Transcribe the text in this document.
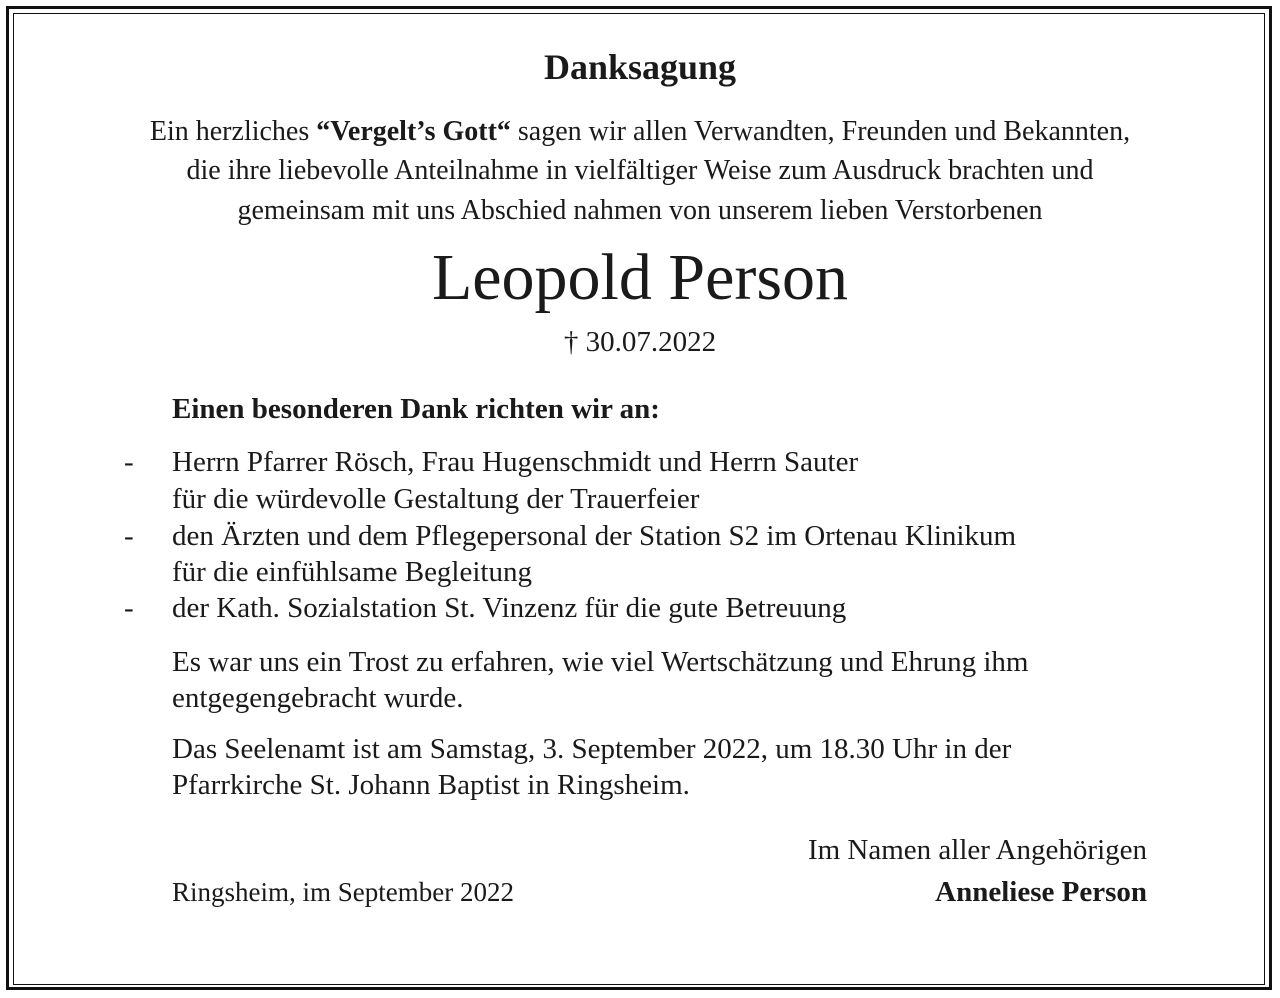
Danksagung
Ein herzliches “Vergelt’s Gott“ sagen wir allen Verwandten, Freunden und Bekannten,
die ihre liebevolle Anteilnahme in vielfältiger Weise zum Ausdruck brachten und
gemeinsam mit uns Abschied nahmen von unserem lieben Verstorbenen
Leopold Person
† 30.07.2022
Einen besonderen Dank richten wir an:
- Herrn Pfarrer Rösch, Frau Hugenschmidt und Herrn Sauter
für die würdevolle Gestaltung der Trauerfeier
- den Ärzten und dem Pflegepersonal der Station S2 im Ortenau Klinikum
für die einfühlsame Begleitung
- der Kath. Sozialstation St. Vinzenz für die gute Betreuung
Es war uns ein Trost zu erfahren, wie viel Wertschätzung und Ehrung ihm
entgegengebracht wurde.
Das Seelenamt ist am Samstag, 3. September 2022, um 18.30 Uhr in der
Pfarrkirche St. Johann Baptist in Ringsheim.
Im Namen aller Angehörigen
Anneliese Person
Ringsheim, im September 2022
